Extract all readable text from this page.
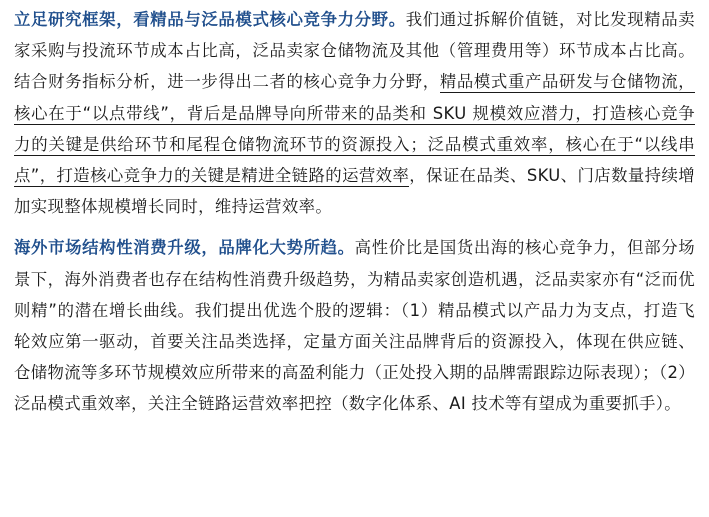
立足研究框架，看精品与泛品模式核心竞争力分野。我们通过拆解价值链，对比发现精品卖家采购与投流环节成本占比高，泛品卖家仓储物流及其他（管理费用等）环节成本占比高。结合财务指标分析，进一步得出二者的核心竞争力分野，精品模式重产品研发与仓储物流，核心在于“以点带线”，背后是品牌导向所带来的品类和 SKU 规模效应潜力，打造核心竞争力的关键是供给环节和尾程仓储物流环节的资源投入；泛品模式重效率，核心在于“以线串点”，打造核心竞争力的关键是精进全链路的运营效率，保证在品类、SKU、门店数量持续增加实现整体规模增长同时，维持运营效率。

海外市场结构性消费升级，品牌化大势所趋。高性价比是国货出海的核心竞争力，但部分场景下，海外消费者也存在结构性消费升级趋势，为精品卖家创造机遇，泛品卖家亦有“泛而优则精”的潜在增长曲线。我们提出优选个股的逻辑：（1）精品模式以产品力为支点，打造飞轮效应第一驱动，首要关注品类选择，定量方面关注品牌背后的资源投入，体现在供应链、仓储物流等多环节规模效应所带来的高盈利能力（正处投入期的品牌需跟踪边际表现）；（2）泛品模式重效率，关注全链路运营效率把控（数字化体系、AI 技术等有望成为重要抓手）。
